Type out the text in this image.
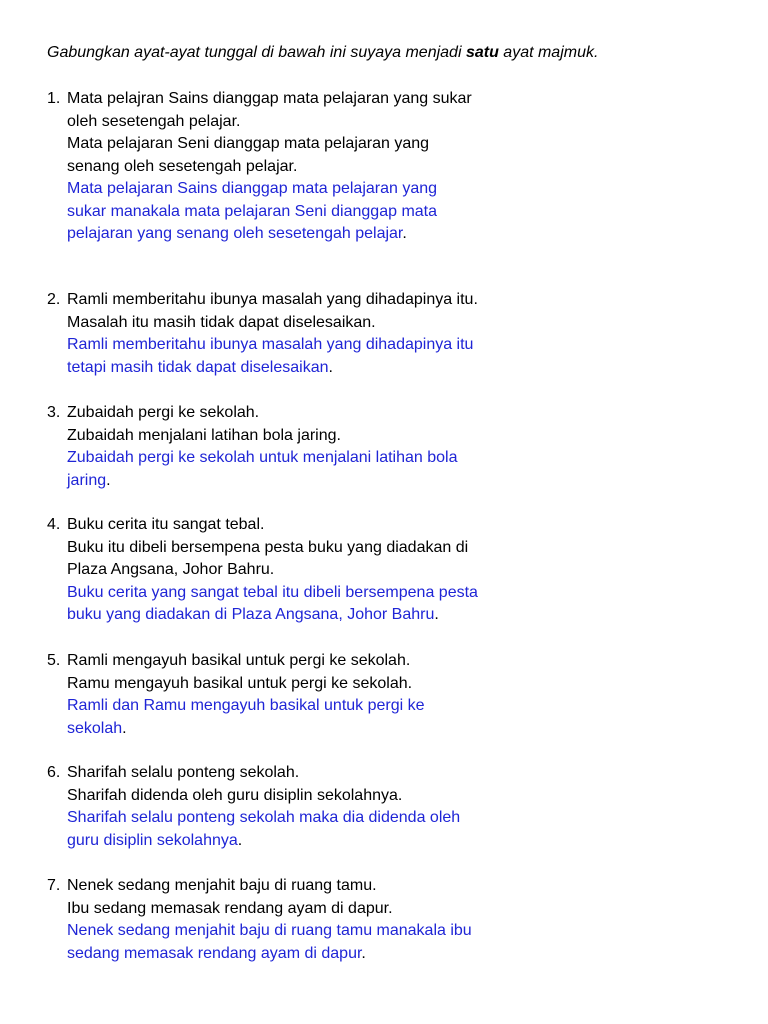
Gabungkan ayat-ayat tunggal di bawah ini suyaya menjadi satu ayat majmuk.
1. Mata pelajran Sains dianggap mata pelajaran yang sukar
oleh sesetengah pelajar.
Mata pelajaran Seni dianggap mata pelajaran yang
senang oleh sesetengah pelajar.
Mata pelajaran Sains dianggap mata pelajaran yang
sukar manakala mata pelajaran Seni dianggap mata
pelajaran yang senang oleh sesetengah pelajar.
2. Ramli memberitahu ibunya masalah yang dihadapinya itu.
Masalah itu masih tidak dapat diselesaikan.
Ramli memberitahu ibunya masalah yang dihadapinya itu
tetapi masih tidak dapat diselesaikan.
3. Zubaidah pergi ke sekolah.
Zubaidah menjalani latihan bola jaring.
Zubaidah pergi ke sekolah untuk menjalani latihan bola
jaring.
4. Buku cerita itu sangat tebal.
Buku itu dibeli bersempena pesta buku yang diadakan di
Plaza Angsana, Johor Bahru.
Buku cerita yang sangat tebal itu dibeli bersempena pesta
buku yang diadakan di Plaza Angsana, Johor Bahru.
5. Ramli mengayuh basikal untuk pergi ke sekolah.
Ramu mengayuh basikal untuk pergi ke sekolah.
Ramli dan Ramu mengayuh basikal untuk pergi ke
sekolah.
6. Sharifah selalu ponteng sekolah.
Sharifah didenda oleh guru disiplin sekolahnya.
Sharifah selalu ponteng sekolah maka dia didenda oleh
guru disiplin sekolahnya.
7. Nenek sedang menjahit baju di ruang tamu.
Ibu sedang memasak rendang ayam di dapur.
Nenek sedang menjahit baju di ruang tamu manakala ibu
sedang memasak rendang ayam di dapur.
